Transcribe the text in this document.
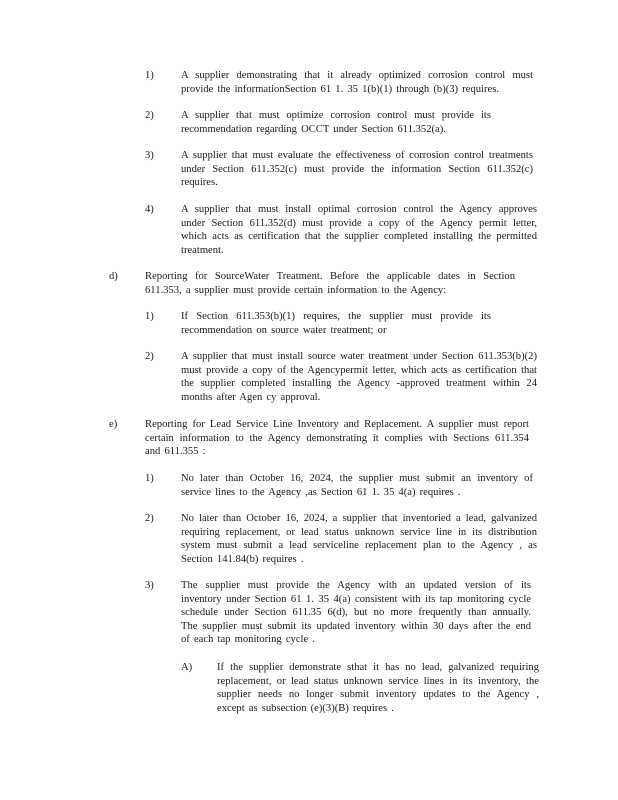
1)	A supplier demonstrating that it already optimized corrosion control must provide the informationSection 61 1. 35 1(b)(1) through (b)(3) requires.
2)	A supplier that must optimize corrosion control must provide its recommendation regarding OCCT under Section 611.352(a).
3)	A supplier that must evaluate the effectiveness of corrosion control treatments under Section 611.352(c) must provide the information Section 611.352(c) requires.
4)	A supplier that must install optimal corrosion control the Agency approves under Section 611.352(d) must provide a copy of the Agency permit letter, which acts as certification that the supplier completed installing the permitted treatment.
d)	Reporting for SourceWater Treatment. Before the applicable dates in Section 611.353, a supplier must provide certain information to the Agency:
1)	If Section 611.353(b)(1) requires, the supplier must provide its recommendation on source water treatment; or
2)	A supplier that must install source water treatment under Section 611.353(b)(2) must provide a copy of the Agencypermit letter, which acts as certification that the supplier completed installing the Agency -approved treatment within 24 months after Agen cy approval.
e)	Reporting for Lead Service Line Inventory and Replacement. A supplier must report certain information to the Agency demonstrating it complies with Sections 611.354 and 611.355 :
1)	No later than October 16, 2024, the supplier must submit an inventory of service lines to the Agency ,as Section 61 1. 35 4(a) requires .
2)	No later than October 16, 2024, a supplier that inventoried a lead, galvanized requiring replacement, or lead status unknown service line in its distribution system must submit a lead serviceline replacement plan to the Agency , as Section 141.84(b) requires .
3)	The supplier must provide the Agency with an updated version of its inventory under Section 61 1. 35 4(a) consistent with its tap monitoring cycle schedule under Section 611.35 6(d), but no more frequently than annually. The supplier must submit its updated inventory within 30 days after the end of each tap monitoring cycle .
A) If the supplier demonstrate sthat it has no lead, galvanized requiring replacement, or lead status unknown service lines in its inventory, the supplier needs no longer submit inventory updates to the Agency , except as subsection (e)(3)(B) requires .
